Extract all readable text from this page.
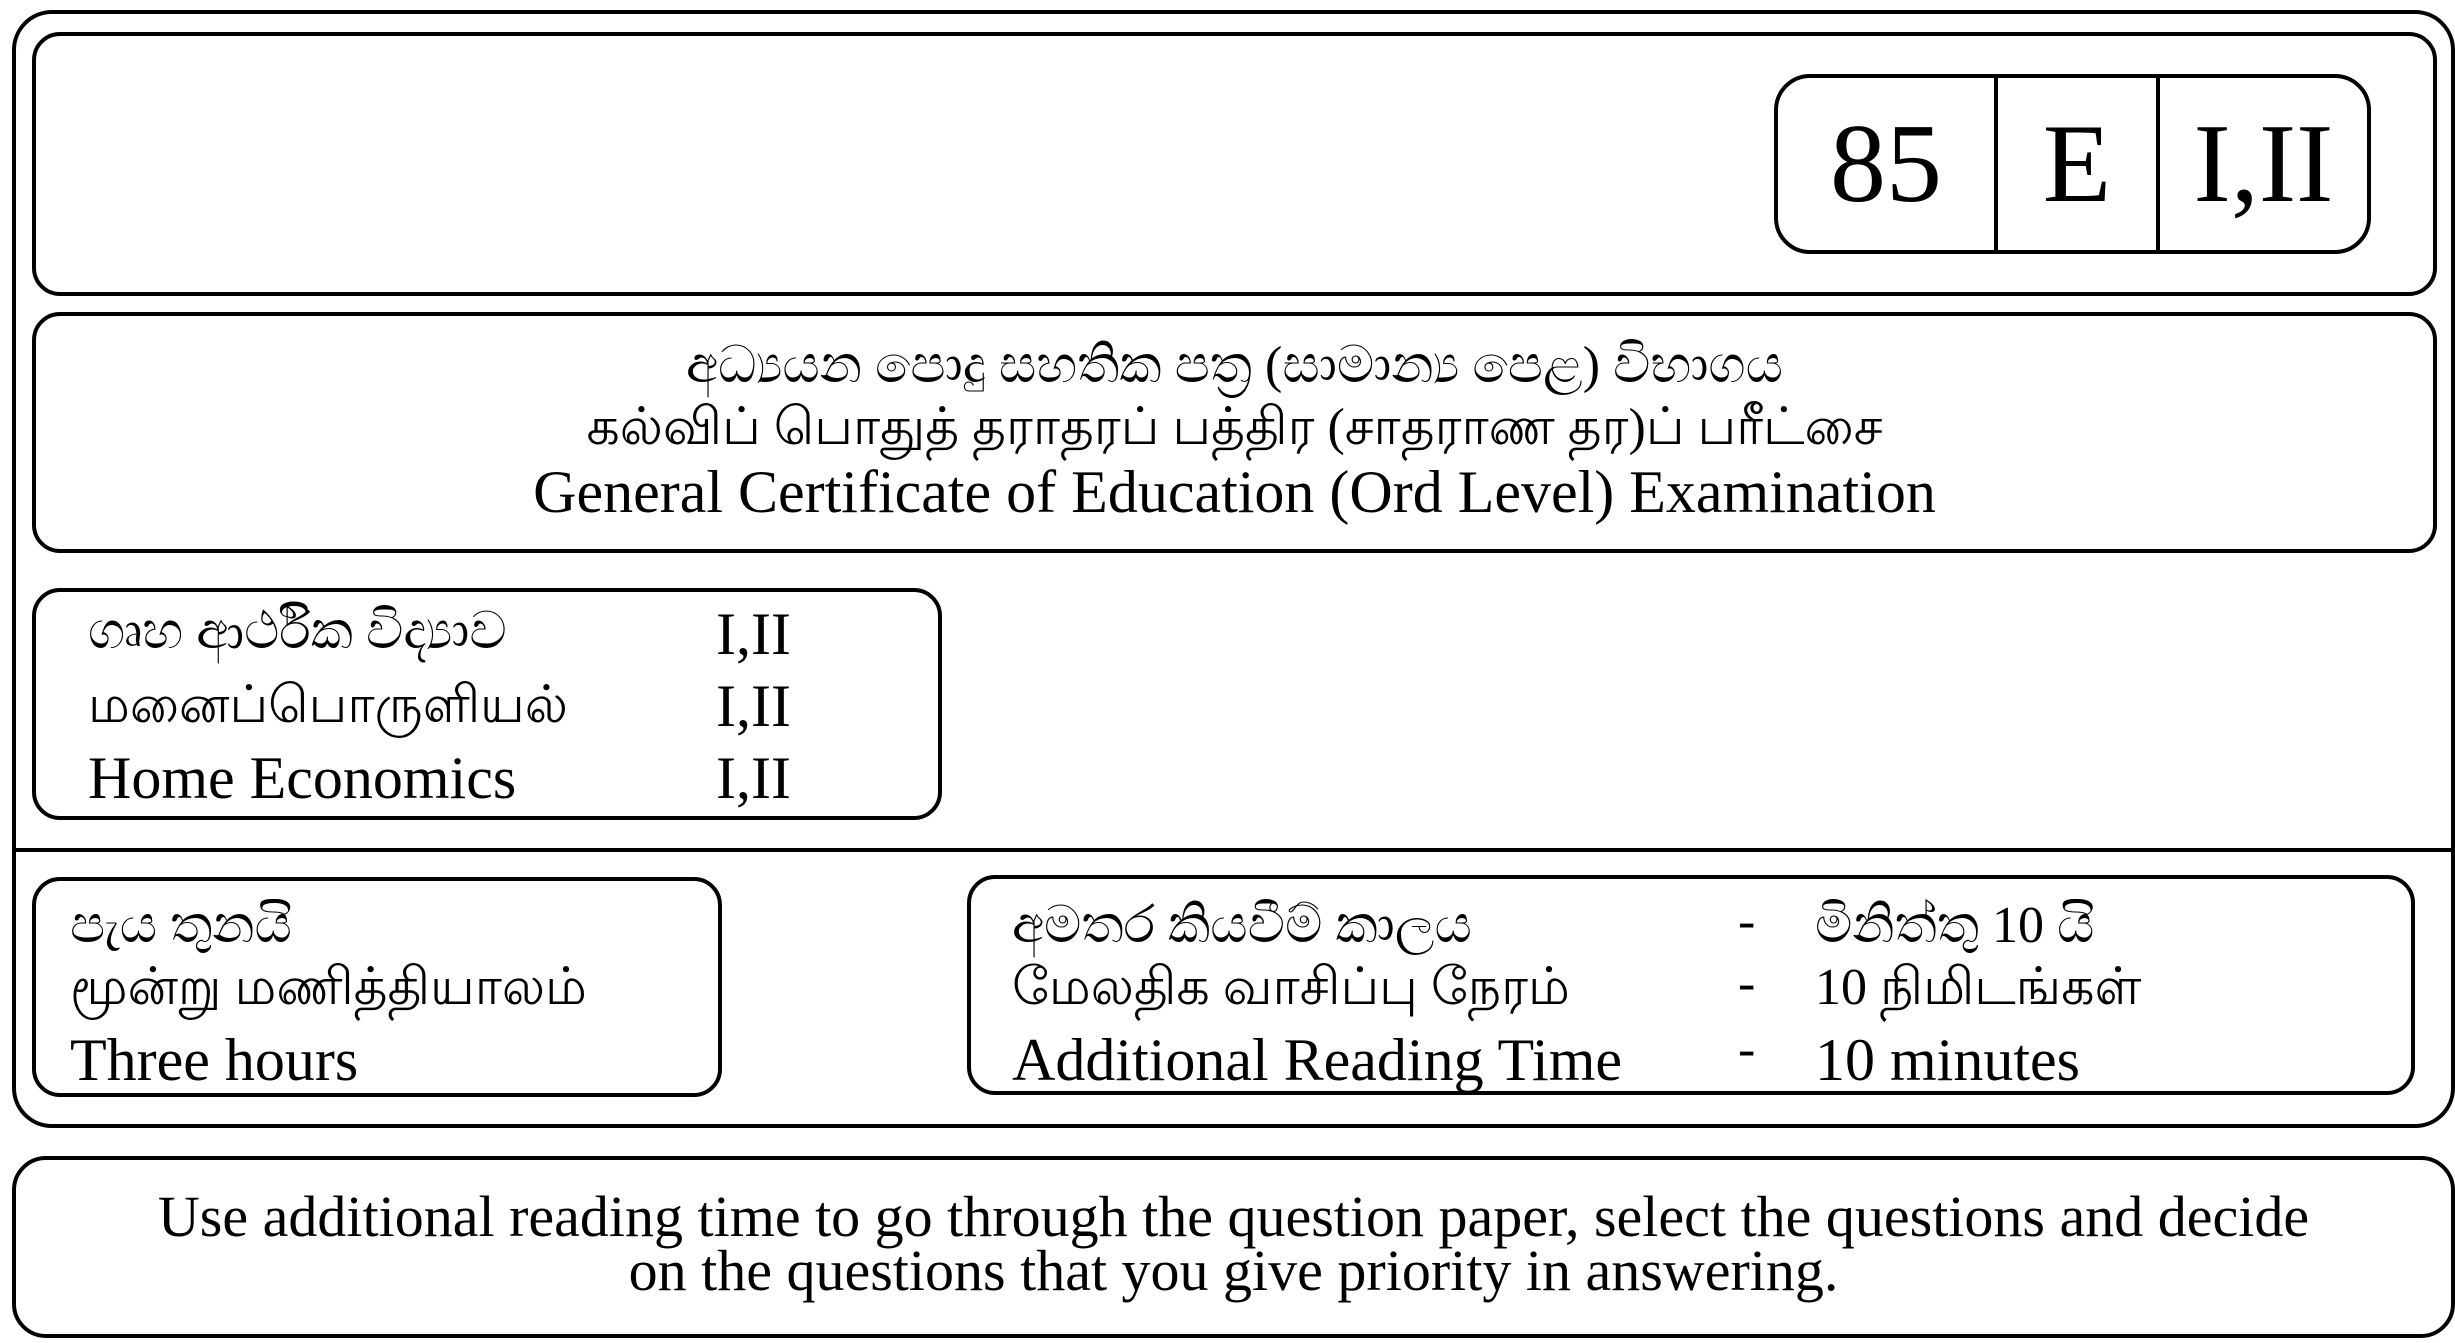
85 E I,II
අධ්‍යයන පොදු සහතික පත්‍ර (සාමාන්‍ය පෙළ) විභාගය
கல்விப் பொதுத் தராதரப் பத்திர (சாதராண தர)ப் பரீட்சை
General Certificate of Education (Ord Level) Examination
ගෘහ ආර්ථික විද්‍යාව	I,II
மனைப்பொருளியல் I,II
Home Economics	I,II
පැය තුනයි
மூன்று மணித்தியாலம்
Three hours
අමතර කියවීම් කාලය	- මිනිත්තු 10 යි
மேலதிக வாசிப்பு நேரம்	- 10 நிமிடங்கள்
Additional Reading Time - 10 minutes
Use additional reading time to go through the question paper, select the questions and decide
on the questions that you give priority in answering.
